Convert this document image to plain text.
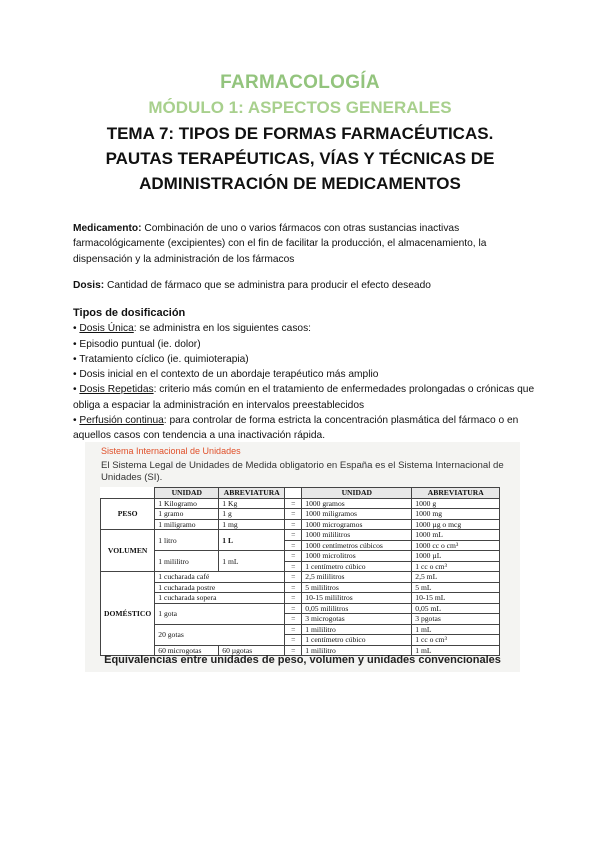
FARMACOLOGÍA
MÓDULO 1: ASPECTOS GENERALES
TEMA 7: TIPOS DE FORMAS FARMACÉUTICAS.
PAUTAS TERAPÉUTICAS, VÍAS Y TÉCNICAS DE
ADMINISTRACIÓN DE MEDICAMENTOS
Medicamento: Combinación de uno o varios fármacos con otras sustancias inactivas farmacológicamente (excipientes) con el fin de facilitar la producción, el almacenamiento, la dispensación y la administración de los fármacos
Dosis: Cantidad de fármaco que se administra para producir el efecto deseado
Tipos de dosificación
• Dosis Única: se administra en los siguientes casos:
• Episodio puntual (ie. dolor)
• Tratamiento cíclico (ie. quimioterapia)
• Dosis inicial en el contexto de un abordaje terapéutico más amplio
• Dosis Repetidas: criterio más común en el tratamiento de enfermedades prolongadas o crónicas que obliga a espaciar la administración en intervalos preestablecidos
• Perfusión continua: para controlar de forma estricta la concentración plasmática del fármaco o en aquellos casos con tendencia a una inactivación rápida.
Sistema Internacional de Unidades
El Sistema Legal de Unidades de Medida obligatorio en España es el Sistema Internacional de Unidades (SI).
	UNIDAD	ABREVIATURA		UNIDAD	ABREVIATURA
PESO	1 Kilogramo	1 Kg	=	1000 gramos	1000 g
	1 gramo	1 g	=	1000 miligramos	1000 mg
	1 miligramo	1 mg	=	1000 microgramos	1000 µg o mcg
VOLUMEN	1 litro	1 L	=	1000 mililitros	1000 mL
			=	1000 centímetros cúbicos	1000 cc o cm³
	1 mililitro	1 mL	=	1000 microlitros	1000 µL
			=	1 centímetro cúbico	1 cc o cm³
DOMÉSTICO	1 cucharada café		=	2,5 mililitros	2,5 mL
	1 cucharada postre		=	5 mililitros	5 mL
	1 cucharada sopera		=	10-15 mililitros	10-15 mL
	1 gota		=	0,05 mililitros	0,05 mL
			=	3 microgotas	3 pgotas
	20 gotas		=	1 mililitro	1 mL
			=	1 centímetro cúbico	1 cc o cm³
	60 microgotas	60 µgotas	=	1 mililitro	1 mL
Equivalencias entre unidades de peso, volumen y unidades convencionales
